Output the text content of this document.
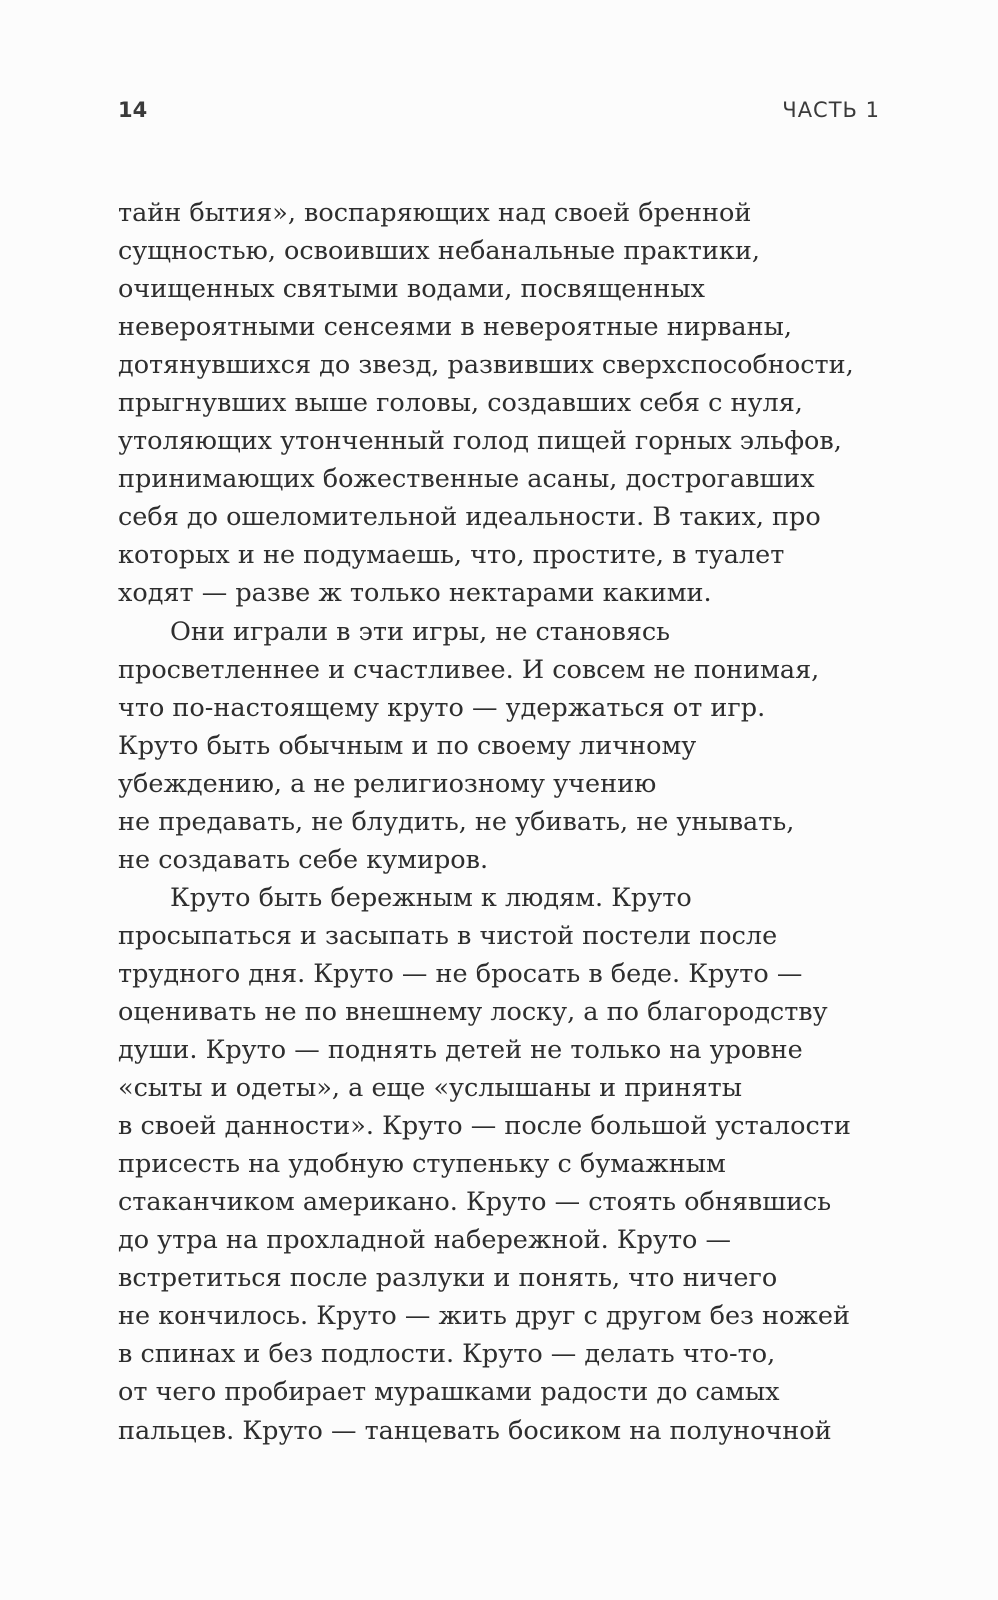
14	ЧАСТЬ 1

тайн бытия», воспаряющих над своей бренной
сущностью, освоивших небанальные практики,
очищенных святыми водами, посвященных
невероятными сенсеями в невероятные нирваны,
дотянувшихся до звезд, развивших сверхспособности,
прыгнувших выше головы, создавших себя с нуля,
утоляющих утонченный голод пищей горных эльфов,
принимающих божественные асаны, дострогавших
себя до ошеломительной идеальности. В таких, про
которых и не подумаешь, что, простите, в туалет
ходят — разве ж только нектарами какими.

Они играли в эти игры, не становясь
просветленнее и счастливее. И совсем не понимая,
что по-настоящему круто — удержаться от игр.
Круто быть обычным и по своему личному
убеждению, а не религиозному учению
не предавать, не блудить, не убивать, не унывать,
не создавать себе кумиров.

Круто быть бережным к людям. Круто
просыпаться и засыпать в чистой постели после
трудного дня. Круто — не бросать в беде. Круто —
оценивать не по внешнему лоску, а по благородству
души. Круто — поднять детей не только на уровне
«сыты и одеты», а еще «услышаны и приняты
в своей данности». Круто — после большой усталости
присесть на удобную ступеньку с бумажным
стаканчиком американо. Круто — стоять обнявшись
до утра на прохладной набережной. Круто —
встретиться после разлуки и понять, что ничего
не кончилось. Круто — жить друг с другом без ножей
в спинах и без подлости. Круто — делать что-то,
от чего пробирает мурашками радости до самых
пальцев. Круто — танцевать босиком на полуночной
